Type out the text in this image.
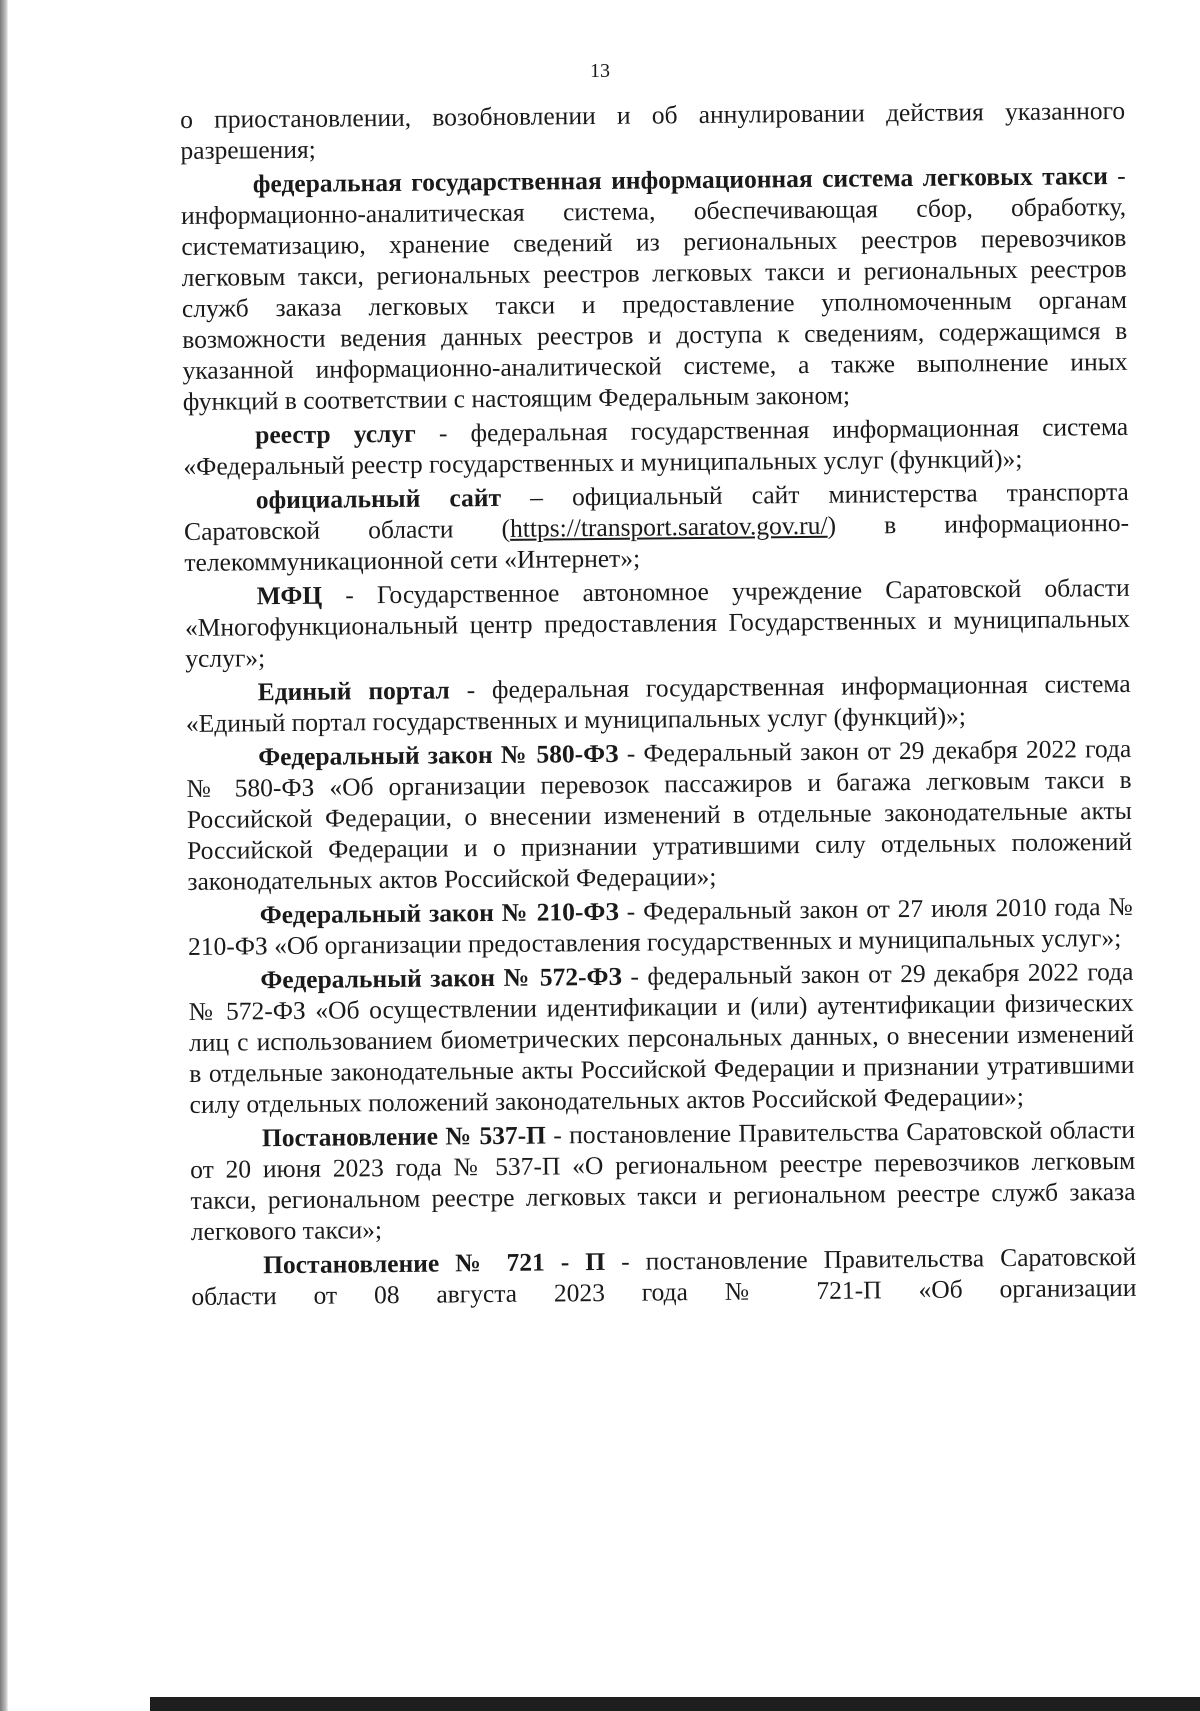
13

о приостановлении, возобновлении и об аннулировании действия указанного разрешения;

федеральная государственная информационная система легковых такси - информационно-аналитическая система, обеспечивающая сбор, обработку, систематизацию, хранение сведений из региональных реестров перевозчиков легковым такси, региональных реестров легковых такси и региональных реестров служб заказа легковых такси и предоставление уполномоченным органам возможности ведения данных реестров и доступа к сведениям, содержащимся в указанной информационно-аналитической системе, а также выполнение иных функций в соответствии с настоящим Федеральным законом;

реестр услуг - федеральная государственная информационная система «Федеральный реестр государственных и муниципальных услуг (функций)»;

официальный сайт – официальный сайт министерства транспорта Саратовской области (https://transport.saratov.gov.ru/) в информационно-телекоммуникационной сети «Интернет»;

МФЦ - Государственное автономное учреждение Саратовской области «Многофункциональный центр предоставления Государственных и муниципальных услуг»;

Единый портал - федеральная государственная информационная система «Единый портал государственных и муниципальных услуг (функций)»;

Федеральный закон № 580-ФЗ - Федеральный закон от 29 декабря 2022 года № 580-ФЗ «Об организации перевозок пассажиров и багажа легковым такси в Российской Федерации, о внесении изменений в отдельные законодательные акты Российской Федерации и о признании утратившими силу отдельных положений законодательных актов Российской Федерации»;

Федеральный закон № 210-ФЗ - Федеральный закон от 27 июля 2010 года № 210-ФЗ «Об организации предоставления государственных и муниципальных услуг»;

Федеральный закон № 572-ФЗ - федеральный закон от 29 декабря 2022 года № 572-ФЗ «Об осуществлении идентификации и (или) аутентификации физических лиц с использованием биометрических персональных данных, о внесении изменений в отдельные законодательные акты Российской Федерации и признании утратившими силу отдельных положений законодательных актов Российской Федерации»;

Постановление № 537-П - постановление Правительства Саратовской области от 20 июня 2023 года № 537-П «О региональном реестре перевозчиков легковым такси, региональном реестре легковых такси и региональном реестре служб заказа легкового такси»;

Постановление № 721 - П - постановление Правительства Саратовской области от 08 августа 2023 года № 721-П «Об организации
